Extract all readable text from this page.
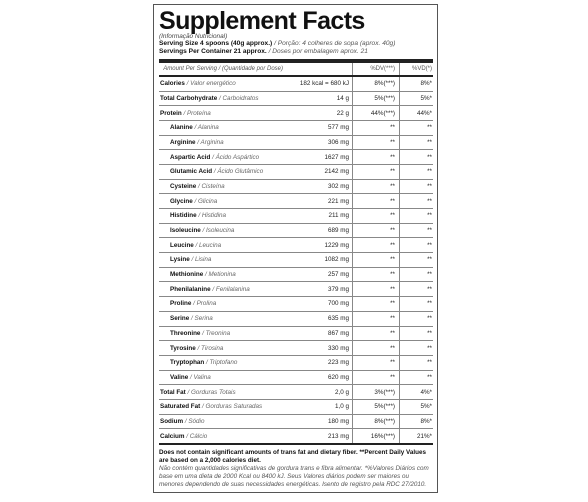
Supplement Facts
(Informação Nutricional)
Serving Size 4 spoons (40g approx.) / Porção: 4 colheres de sopa (aprox. 40g)
Servings Per Container 21 approx. / Doses por embalagem aprox. 21
Amount Per Serving / (Quantidade por Dose)		%DV(***)	%VD(*)
Calories / Valor energético	182 kcal = 680 kJ	8%(***)	8%*
Total Carbohydrate / Carboidratos	14 g	5%(***)	5%*
Protein / Proteína	22 g	44%(***)	44%*
Alanine / Alanina	577 mg	**	**
Arginine / Arginina	306 mg	**	**
Aspartic Acid / Ácido Aspártico	1627 mg	**	**
Glutamic Acid / Ácido Glutâmico	2142 mg	**	**
Cysteine / Cisteína	302 mg	**	**
Glycine / Glicina	221 mg	**	**
Histidine / Histidina	211 mg	**	**
Isoleucine / Isoleucina	689 mg	**	**
Leucine / Leucina	1229 mg	**	**
Lysine / Lisina	1082 mg	**	**
Methionine / Metionina	257 mg	**	**
Phenilalanine / Fenilalanina	379 mg	**	**
Proline / Prolina	700 mg	**	**
Serine / Serina	635 mg	**	**
Threonine / Treonina	867 mg	**	**
Tyrosine / Tirosina	330 mg	**	**
Tryptophan / Triptofano	223 mg	**	**
Valine / Valina	620 mg	**	**
Total Fat / Gorduras Totais	2,0 g	3%(***)	4%*
Saturated Fat / Gorduras Saturadas	1,0 g	5%(***)	5%*
Sodium / Sódio	180 mg	8%(***)	8%*
Calcium / Cálcio	213 mg	16%(***)	21%*
Does not contain significant amounts of trans fat and dietary fiber. **Percent Daily Values are based on a 2,000 calories diet.
Não contém quantidades significativas de gordura trans e fibra alimentar. *%Valores Diários com base em uma dieta de 2000 Kcal ou 8400 kJ. Seus Valores diários podem ser maiores ou menores dependendo de suas necessidades energéticas. Isento de registro pela RDC 27/2010.
